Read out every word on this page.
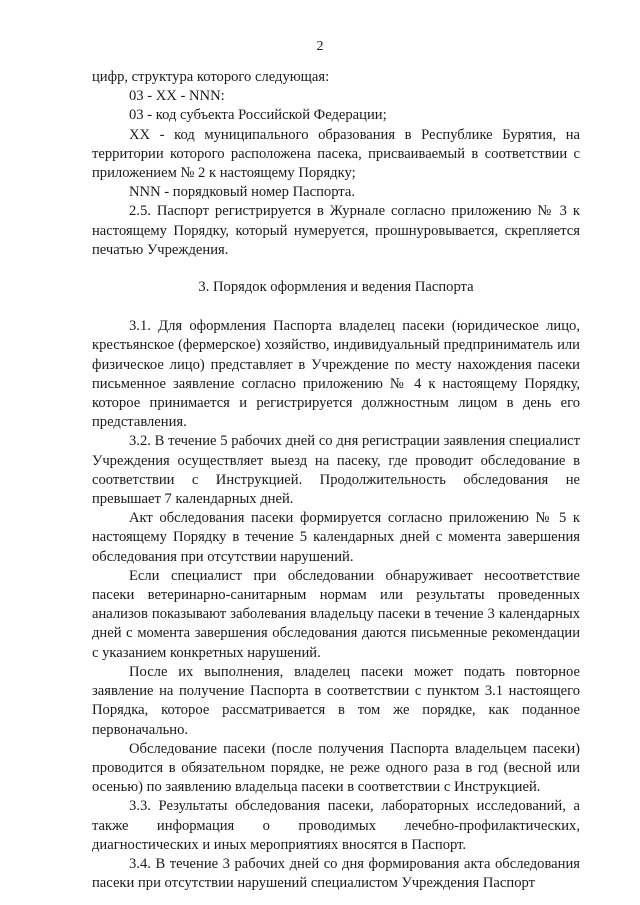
2

цифр, структура которого следующая:

03 - XX - NNN:

03 - код субъекта Российской Федерации;

XX - код муниципального образования в Республике Бурятия, на территории которого расположена пасека, присваиваемый в соответствии с приложением № 2 к настоящему Порядку;

NNN - порядковый номер Паспорта.

2.5. Паспорт регистрируется в Журнале согласно приложению № 3 к настоящему Порядку, который нумеруется, прошнуровывается, скрепляется печатью Учреждения.

3. Порядок оформления и ведения Паспорта

3.1. Для оформления Паспорта владелец пасеки (юридическое лицо, крестьянское (фермерское) хозяйство, индивидуальный предприниматель или физическое лицо) представляет в Учреждение по месту нахождения пасеки письменное заявление согласно приложению № 4 к настоящему Порядку, которое принимается и регистрируется должностным лицом в день его представления.

3.2. В течение 5 рабочих дней со дня регистрации заявления специалист Учреждения осуществляет выезд на пасеку, где проводит обследование в соответствии с Инструкцией. Продолжительность обследования не превышает 7 календарных дней.

Акт обследования пасеки формируется согласно приложению № 5 к настоящему Порядку в течение 5 календарных дней с момента завершения обследования при отсутствии нарушений.

Если специалист при обследовании обнаруживает несоответствие пасеки ветеринарно-санитарным нормам или результаты проведенных анализов показывают заболевания владельцу пасеки в течение 3 календарных дней с момента завершения обследования даются письменные рекомендации с указанием конкретных нарушений.

После их выполнения, владелец пасеки может подать повторное заявление на получение Паспорта в соответствии с пунктом 3.1 настоящего Порядка, которое рассматривается в том же порядке, как поданное первоначально.

Обследование пасеки (после получения Паспорта владельцем пасеки) проводится в обязательном порядке, не реже одного раза в год (весной или осенью) по заявлению владельца пасеки в соответствии с Инструкцией.

3.3. Результаты обследования пасеки, лабораторных исследований, а также информация о проводимых лечебно-профилактических, диагностических и иных мероприятиях вносятся в Паспорт.

3.4. В течение 3 рабочих дней со дня формирования акта обследования пасеки при отсутствии нарушений специалистом Учреждения Паспорт
